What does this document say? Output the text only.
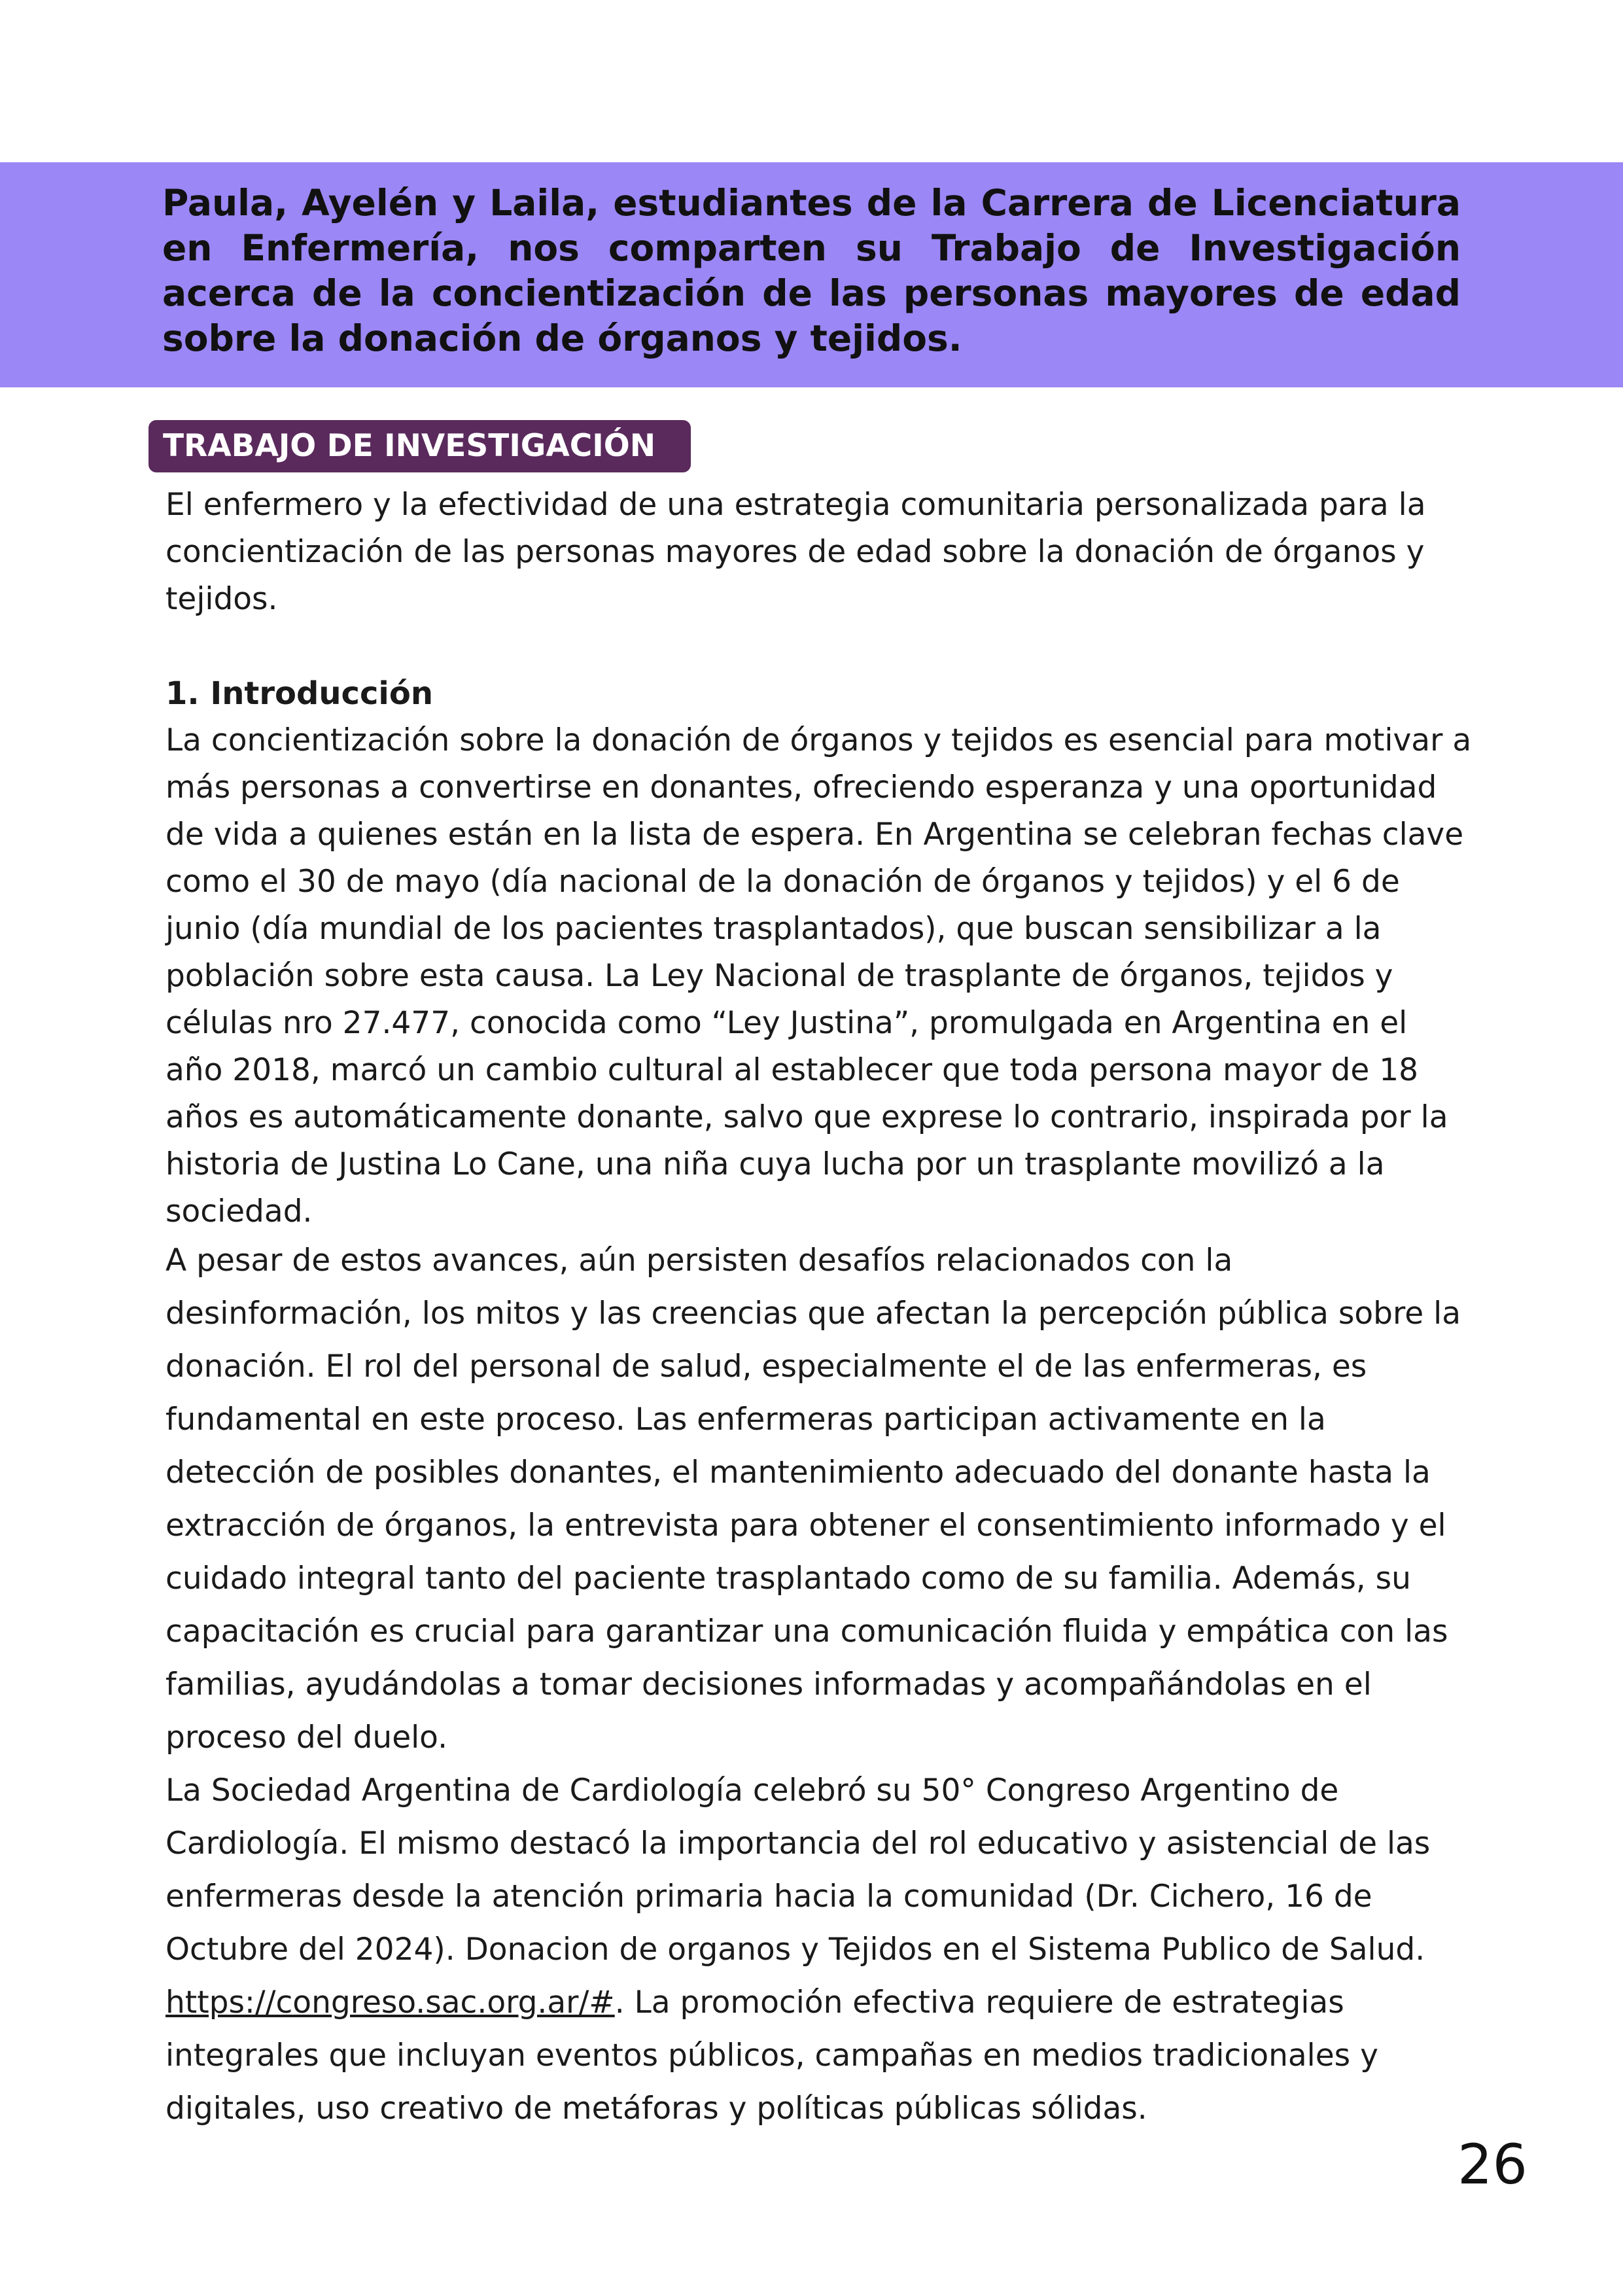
Paula, Ayelén y Laila, estudiantes de la Carrera de Licenciatura en Enfermería, nos comparten su Trabajo de Investigación acerca de la concientización de las personas mayores de edad sobre la donación de órganos y tejidos.

TRABAJO DE INVESTIGACIÓN

El enfermero y la efectividad de una estrategia comunitaria personalizada para la concientización de las personas mayores de edad sobre la donación de órganos y tejidos.

1. Introducción

La concientización sobre la donación de órganos y tejidos es esencial para motivar a más personas a convertirse en donantes, ofreciendo esperanza y una oportunidad de vida a quienes están en la lista de espera. En Argentina se celebran fechas clave como el 30 de mayo (día nacional de la donación de órganos y tejidos) y el 6 de junio (día mundial de los pacientes trasplantados), que buscan sensibilizar a la población sobre esta causa. La Ley Nacional de trasplante de órganos, tejidos y células nro 27.477, conocida como “Ley Justina”, promulgada en Argentina en el año 2018, marcó un cambio cultural al establecer que toda persona mayor de 18 años es automáticamente donante, salvo que exprese lo contrario, inspirada por la historia de Justina Lo Cane, una niña cuya lucha por un trasplante movilizó a la sociedad.

A pesar de estos avances, aún persisten desafíos relacionados con la desinformación, los mitos y las creencias que afectan la percepción pública sobre la donación. El rol del personal de salud, especialmente el de las enfermeras, es fundamental en este proceso. Las enfermeras participan activamente en la detección de posibles donantes, el mantenimiento adecuado del donante hasta la extracción de órganos, la entrevista para obtener el consentimiento informado y el cuidado integral tanto del paciente trasplantado como de su familia. Además, su capacitación es crucial para garantizar una comunicación fluida y empática con las familias, ayudándolas a tomar decisiones informadas y acompañándolas en el proceso del duelo.

La Sociedad Argentina de Cardiología celebró su 50° Congreso Argentino de Cardiología. El mismo destacó la importancia del rol educativo y asistencial de las enfermeras desde la atención primaria hacia la comunidad (Dr. Cichero, 16 de Octubre del 2024). Donacion de organos y Tejidos en el Sistema Publico de Salud. https://congreso.sac.org.ar/#. La promoción efectiva requiere de estrategias integrales que incluyan eventos públicos, campañas en medios tradicionales y digitales, uso creativo de metáforas y políticas públicas sólidas.

26
